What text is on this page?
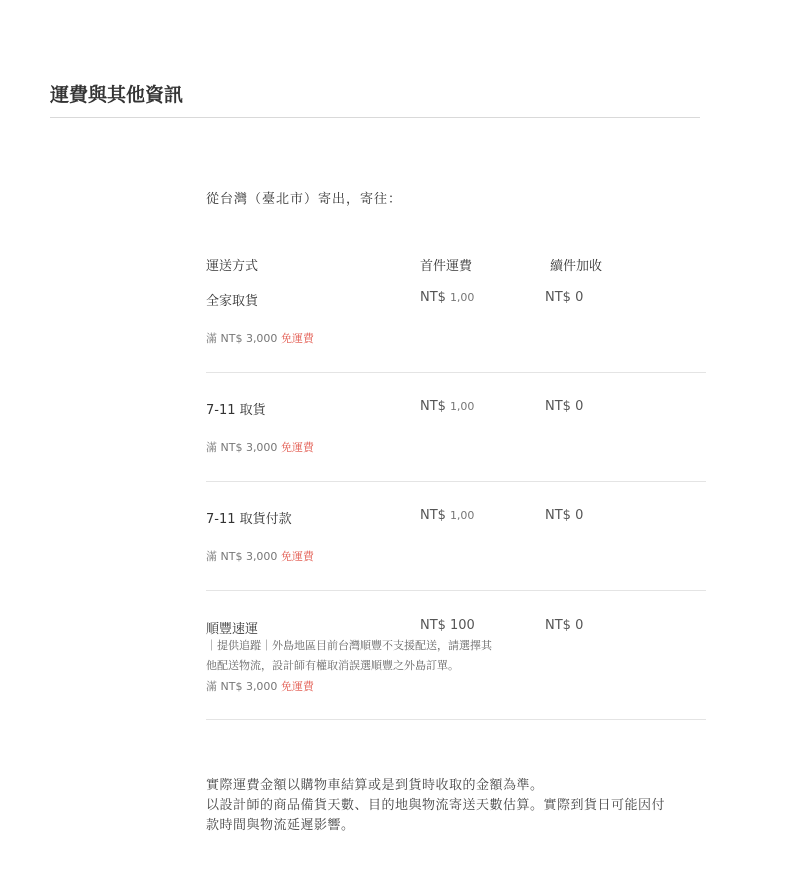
運費與其他資訊
從台灣（臺北市）寄出，寄往：
運送方式	首件運費	續件加收
全家取貨	NT$ 1,00	NT$ 0
滿 NT$ 3,000 免運費
7-11 取貨	NT$ 1,00	NT$ 0
滿 NT$ 3,000 免運費
7-11 取貨付款	NT$ 1,00	NT$ 0
滿 NT$ 3,000 免運費
順豐速運	NT$ 100	NT$ 0
｜提供追蹤｜外島地區目前台灣順豐不支援配送，請選擇其
他配送物流，設計師有權取消誤選順豐之外島訂單。
滿 NT$ 3,000 免運費
實際運費金額以購物車結算或是到貨時收取的金額為準。
以設計師的商品備貨天數、目的地與物流寄送天數估算。實際到貨日可能因付
款時間與物流延遲影響。
